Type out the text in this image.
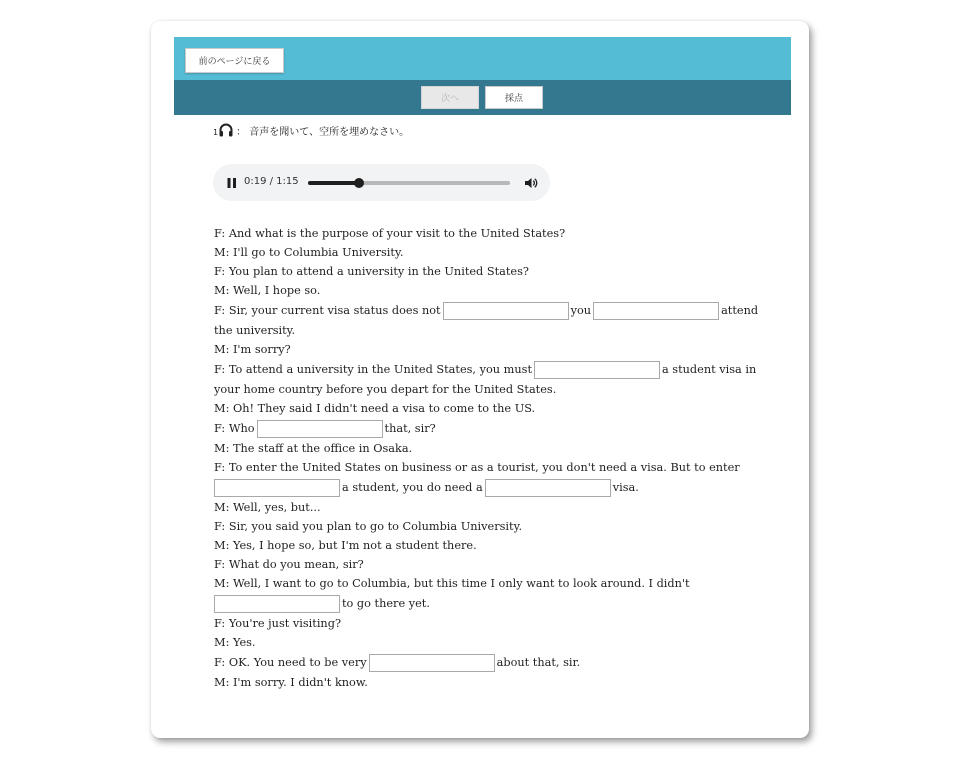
前のページに戻る
次へ	採点
1 ： 音声を聞いて、空所を埋めなさい。
0:19 / 1:15
F: And what is the purpose of your visit to the United States?
M: I'll go to Columbia University.
F: You plan to attend a university in the United States?
M: Well, I hope so.
F: Sir, your current visa status does not	you	attend
the university.
M: I'm sorry?
F: To attend a university in the United States, you must	a student visa in
your home country before you depart for the United States.
M: Oh! They said I didn't need a visa to come to the US.
F: Who	that, sir?
M: The staff at the office in Osaka.
F: To enter the United States on business or as a tourist, you don't need a visa. But to enter
a student, you do need a	visa.
M: Well, yes, but...
F: Sir, you said you plan to go to Columbia University.
M: Yes, I hope so, but I'm not a student there.
F: What do you mean, sir?
M: Well, I want to go to Columbia, but this time I only want to look around. I didn't
to go there yet.
F: You're just visiting?
M: Yes.
F: OK. You need to be very	about that, sir.
M: I'm sorry. I didn't know.
